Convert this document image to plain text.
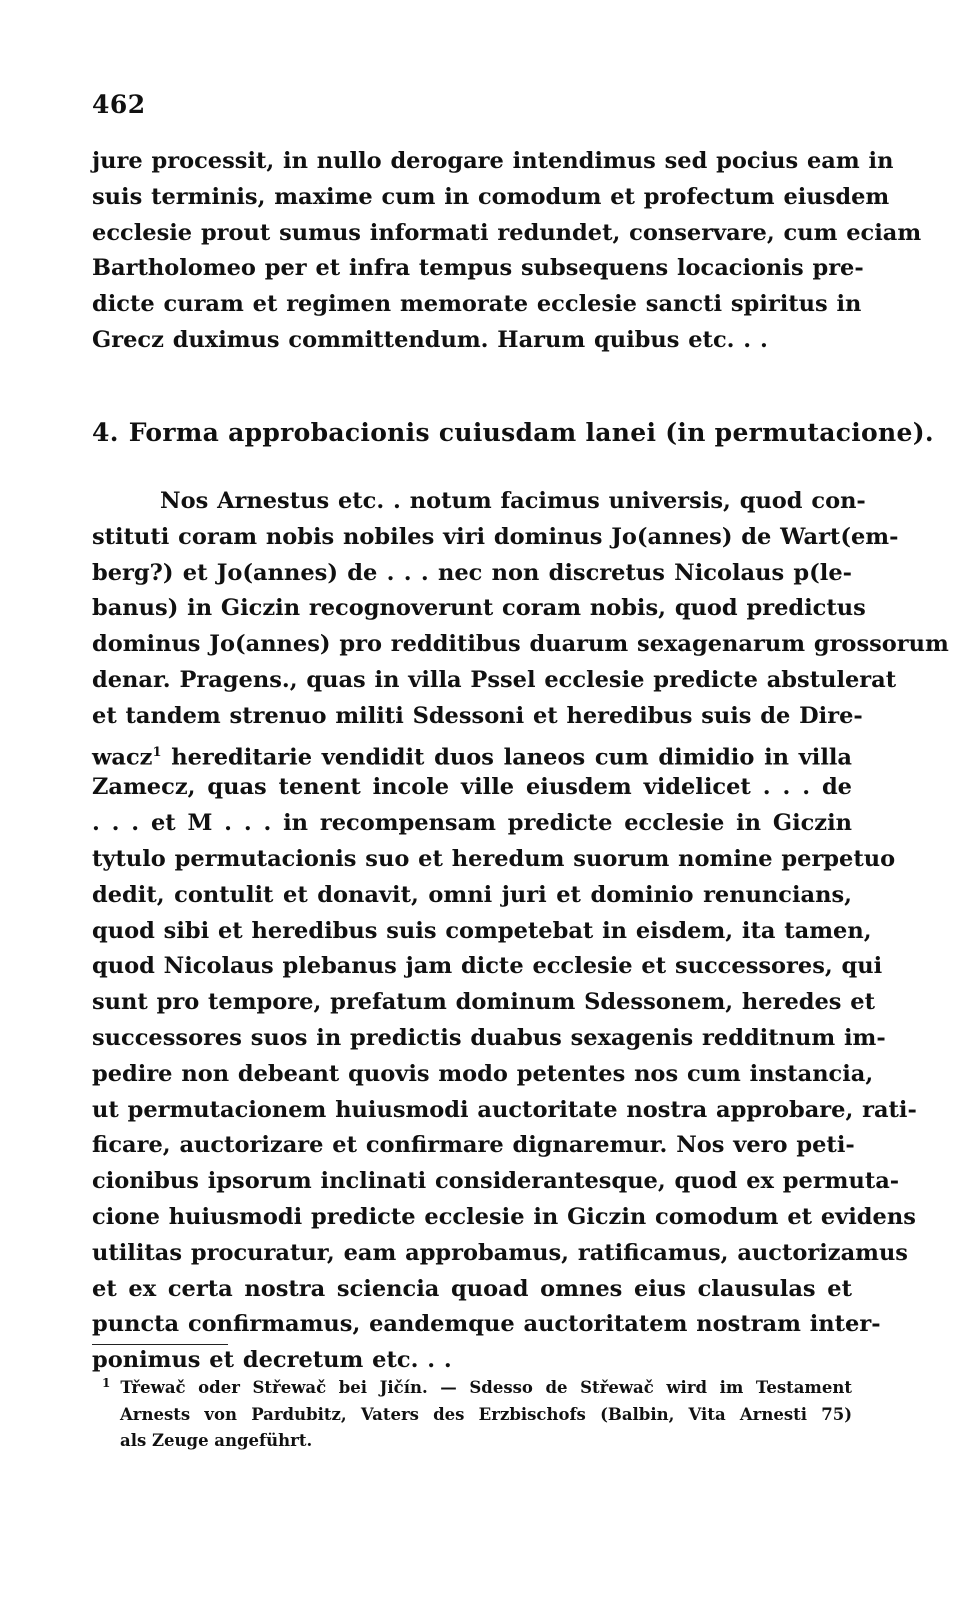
462
jure processit, in nullo derogare intendimus sed pocius eam in
suis terminis, maxime cum in comodum et profectum eiusdem
ecclesie prout sumus informati redundet, conservare, cum eciam
Bartholomeo per et infra tempus subsequens locacionis pre-
dicte curam et regimen memorate ecclesie sancti spiritus in
Grecz duximus committendum. Harum quibus etc. . .
4. Forma approbacionis cuiusdam lanei (in permutacione).
Nos Arnestus etc. . notum facimus universis, quod con-
stituti coram nobis nobiles viri dominus Jo(annes) de Wart(em-
berg?) et Jo(annes) de . . . nec non discretus Nicolaus p(le-
banus) in Giczin recognoverunt coram nobis, quod predictus
dominus Jo(annes) pro redditibus duarum sexagenarum grossorum
denar. Pragens., quas in villa Pssel ecclesie predicte abstulerat
et tandem strenuo militi Sdessoni et heredibus suis de Dire-
wacz$^1$ hereditarie vendidit duos laneos cum dimidio in villa
Zamecz, quas tenent incole ville eiusdem videlicet . . . de
. . . et M . . . in recompensam predicte ecclesie in Giczin
tytulo permutacionis suo et heredum suorum nomine perpetuo
dedit, contulit et donavit, omni juri et dominio renuncians,
quod sibi et heredibus suis competebat in eisdem, ita tamen,
quod Nicolaus plebanus jam dicte ecclesie et successores, qui
sunt pro tempore, prefatum dominum Sdessonem, heredes et
successores suos in predictis duabus sexagenis redditnum im-
pedire non debeant quovis modo petentes nos cum instancia,
ut permutacionem huiusmodi auctoritate nostra approbare, rati-
ficare, auctorizare et confirmare dignaremur. Nos vero peti-
cionibus ipsorum inclinati considerantesque, quod ex permuta-
cione huiusmodi predicte ecclesie in Giczin comodum et evidens
utilitas procuratur, eam approbamus, ratificamus, auctorizamus
et ex certa nostra sciencia quoad omnes eius clausulas et
puncta confirmamus, eandemque auctoritatem nostram inter-
ponimus et decretum etc. . .
$^1$ Třewač oder Střewač bei Jičín. — Sdesso de Střewač wird im Testament
Arnests von Pardubitz, Vaters des Erzbischofs (Balbin, Vita Arnesti 75)
als Zeuge angeführt.
